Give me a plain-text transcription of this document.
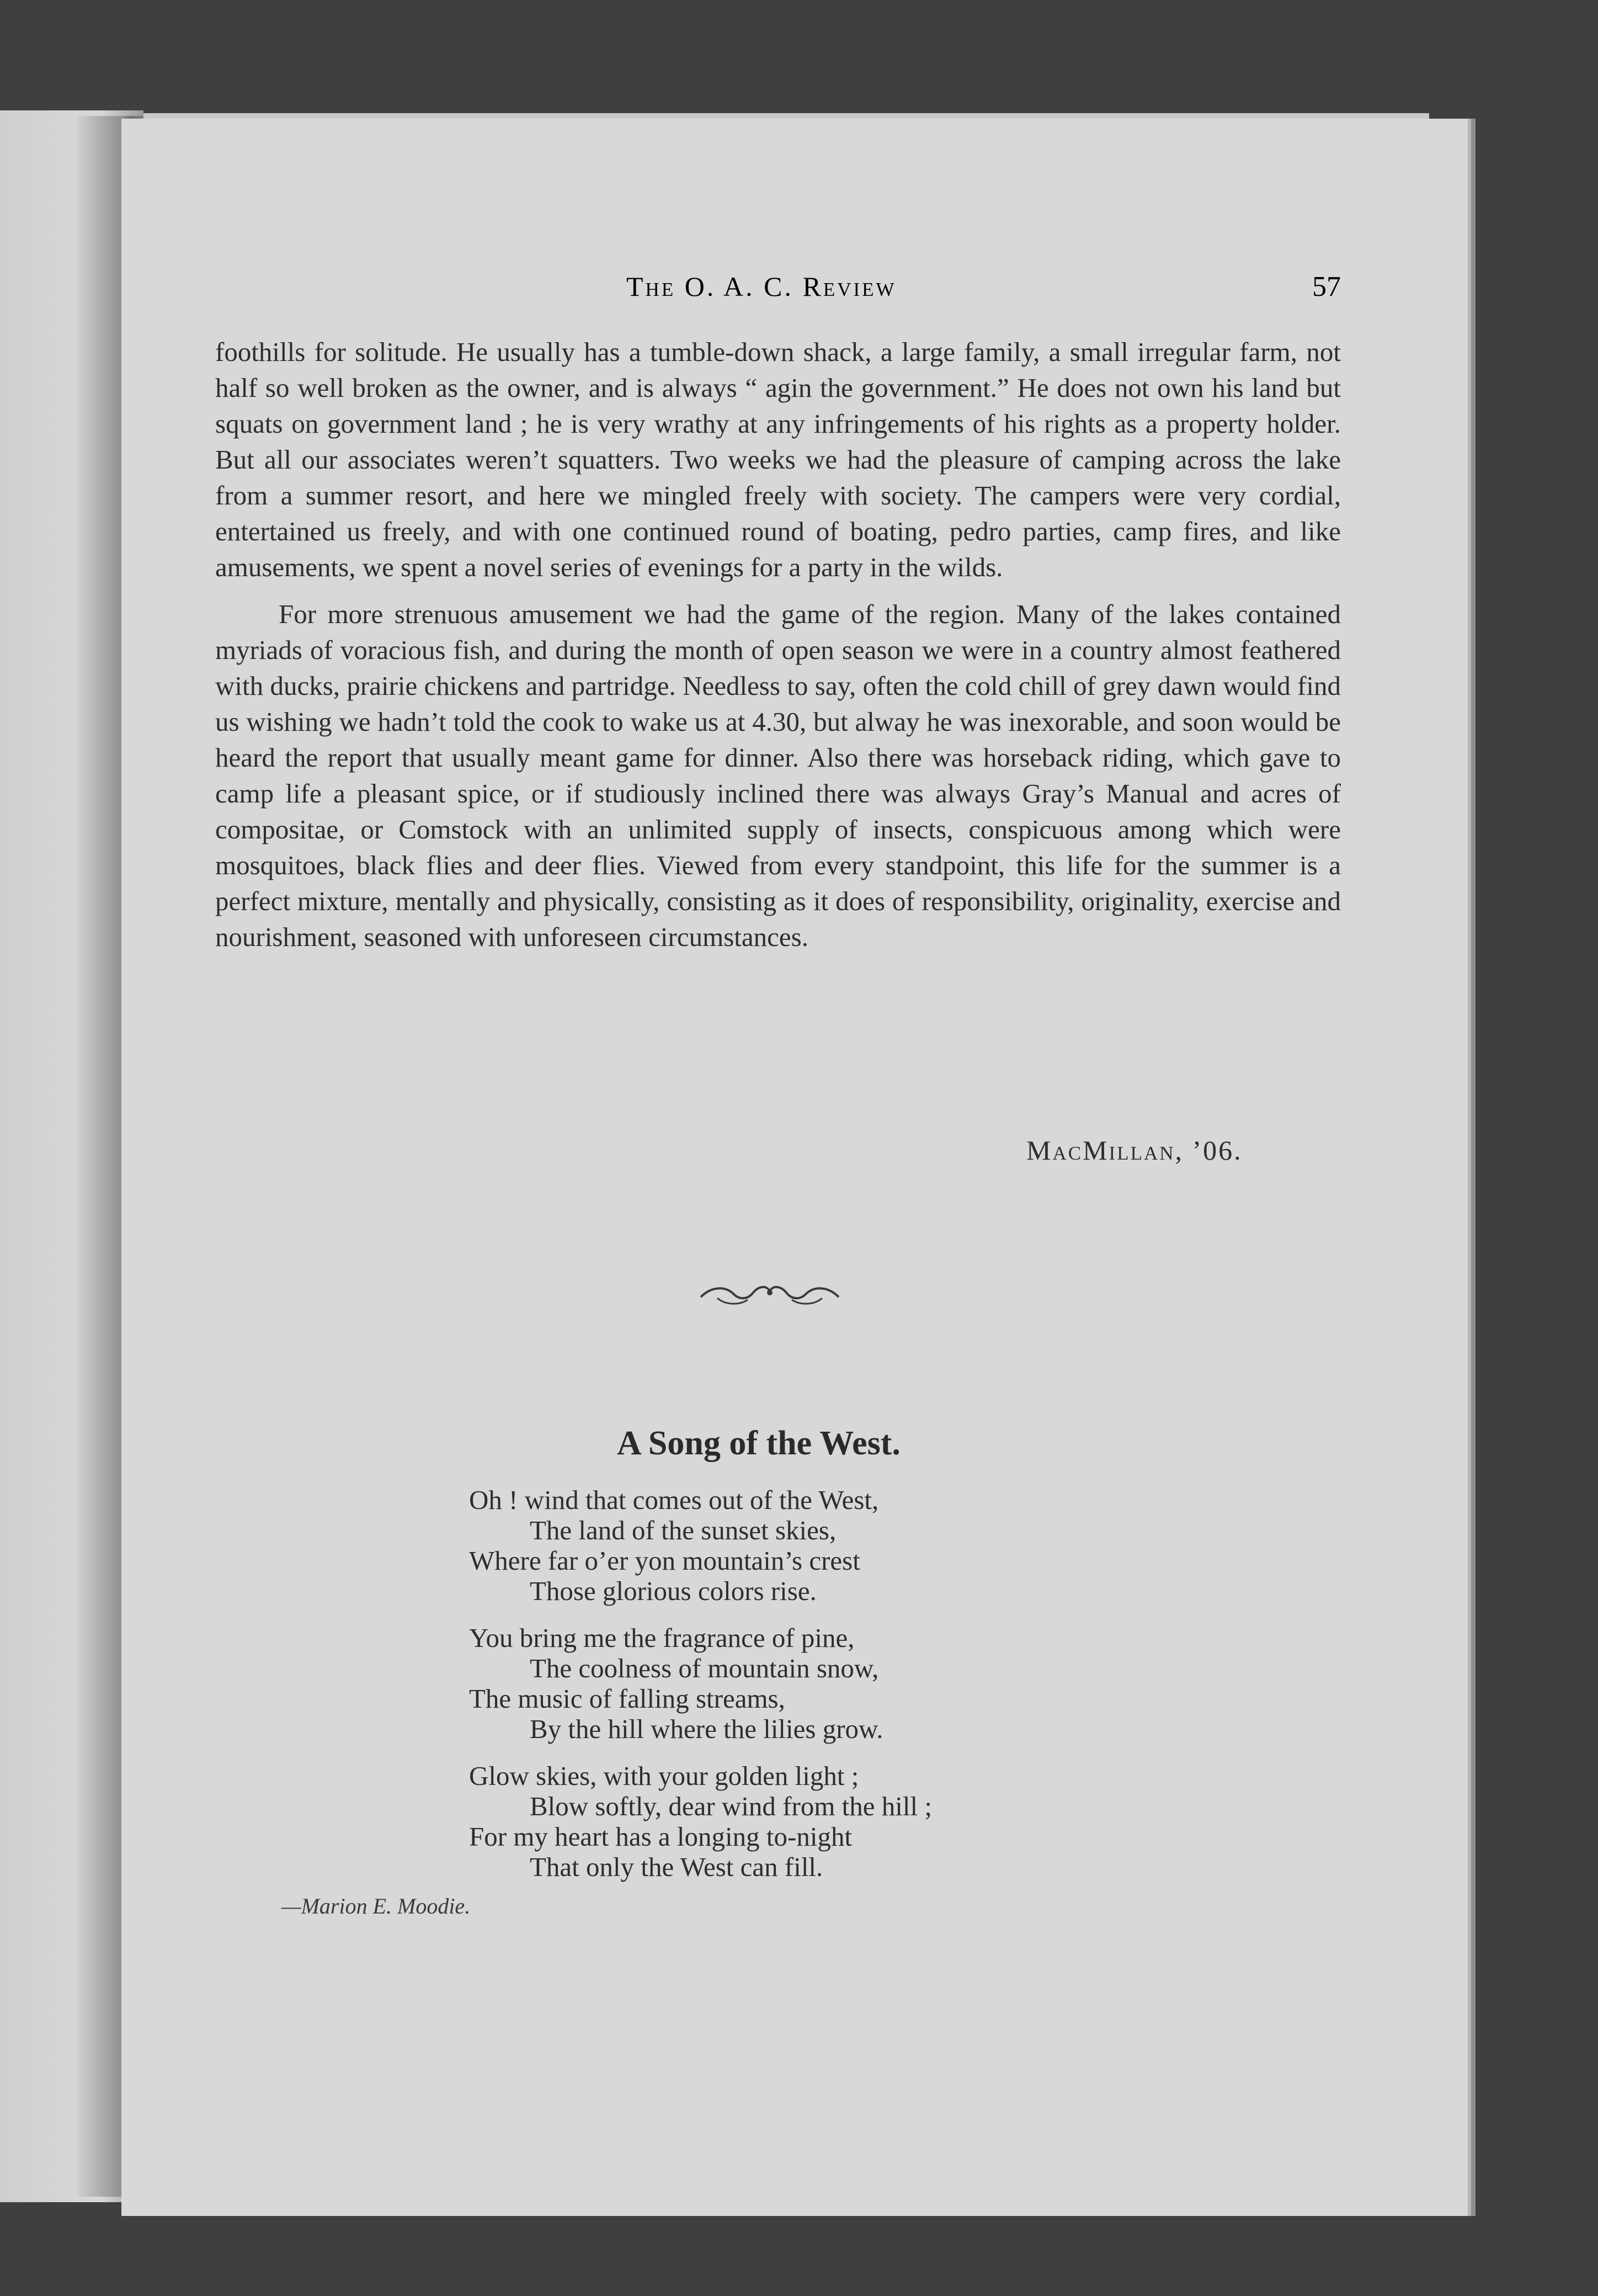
The O. A. C. Review	57

foothills for solitude. He usually has a tumble-down shack, a large family, a small irregular farm, not half so well broken as the owner, and is always “ agin the government.” He does not own his land but squats on government land ; he is very wrathy at any infringements of his rights as a property holder. But all our associates weren’t squatters. Two weeks we had the pleasure of camping across the lake from a summer resort, and here we mingled freely with society. The campers were very cordial, entertained us freely, and with one continued round of boating, pedro parties, camp fires, and like amusements, we spent a novel series of evenings for a party in the wilds.

For more strenuous amusement we had the game of the region. Many of the lakes contained myriads of voracious fish, and during the month of open season we were in a country almost feathered with ducks, prairie chickens and partridge. Needless to say, often the cold chill of grey dawn would find us wishing we hadn’t told the cook to wake us at 4.30, but alway he was inexorable, and soon would be heard the report that usually meant game for dinner. Also there was horseback riding, which gave to camp life a pleasant spice, or if studiously inclined there was always Gray’s Manual and acres of compositae, or Comstock with an unlimited supply of insects, conspicuous among which were mosquitoes, black flies and deer flies. Viewed from every standpoint, this life for the summer is a perfect mixture, mentally and physically, consisting as it does of responsibility, originality, exercise and nourishment, seasoned with unforeseen circumstances.

MacMillan, ’06.
A Song of the West.
Oh ! wind that comes out of the West,
The land of the sunset skies,
Where far o’er yon mountain’s crest
Those glorious colors rise.
You bring me the fragrance of pine,
The coolness of mountain snow,
The music of falling streams,
By the hill where the lilies grow.
Glow skies, with your golden light ;
Blow softly, dear wind from the hill ;
For my heart has a longing to-night
That only the West can fill.
—Marion E. Moodie.
